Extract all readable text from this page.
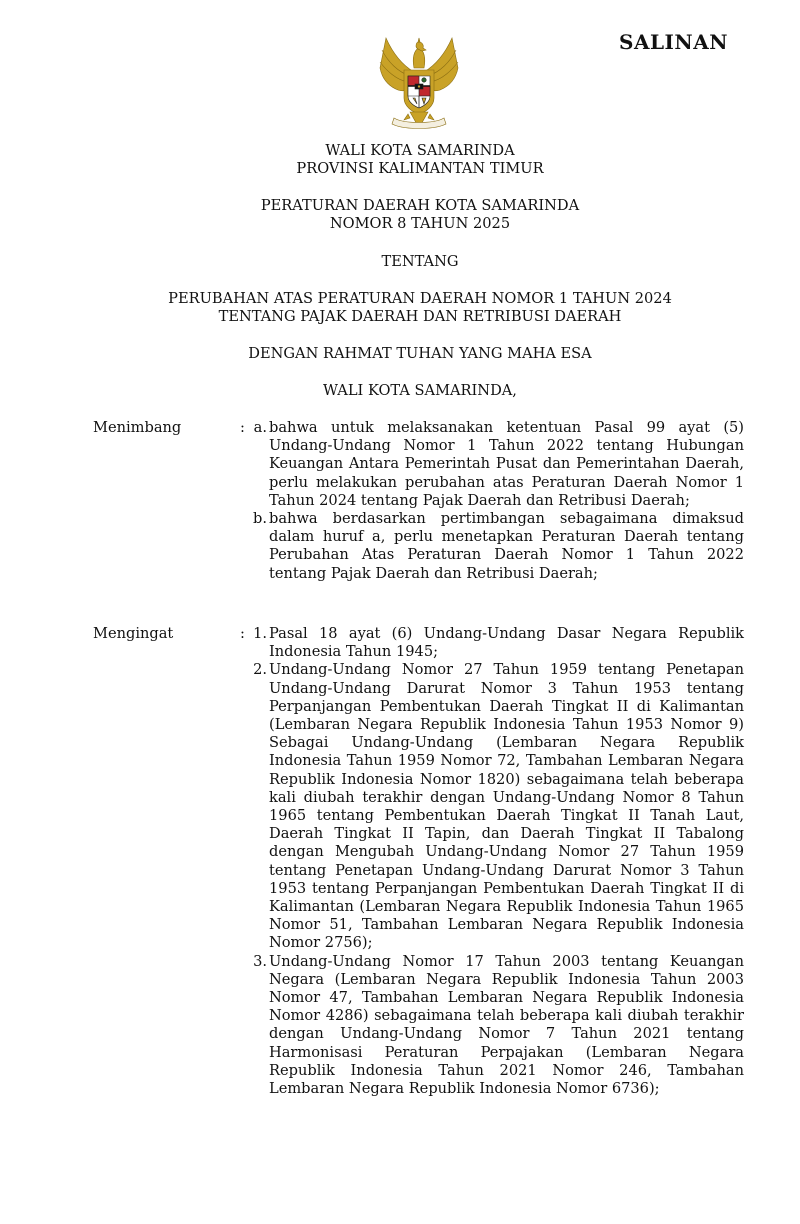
SALINAN

WALI KOTA SAMARINDA
PROVINSI KALIMANTAN TIMUR

PERATURAN DAERAH KOTA SAMARINDA
NOMOR 8 TAHUN 2025

TENTANG

PERUBAHAN ATAS PERATURAN DAERAH NOMOR 1 TAHUN 2024
TENTANG PAJAK DAERAH DAN RETRIBUSI DAERAH

DENGAN RAHMAT TUHAN YANG MAHA ESA

WALI KOTA SAMARINDA,

Menimbang	: a. bahwa untuk melaksanakan ketentuan Pasal 99 ayat (5) Undang-Undang Nomor 1 Tahun 2022 tentang Hubungan Keuangan Antara Pemerintah Pusat dan Pemerintahan Daerah, perlu melakukan perubahan atas Peraturan Daerah Nomor 1 Tahun 2024 tentang Pajak Daerah dan Retribusi Daerah;
b. bahwa berdasarkan pertimbangan sebagaimana dimaksud dalam huruf a, perlu menetapkan Peraturan Daerah tentang Perubahan Atas Peraturan Daerah Nomor 1 Tahun 2022 tentang Pajak Daerah dan Retribusi Daerah;
Mengingat	: 1. Pasal 18 ayat (6) Undang-Undang Dasar Negara Republik Indonesia Tahun 1945;
2. Undang-Undang Nomor 27 Tahun 1959 tentang Penetapan Undang-Undang Darurat Nomor 3 Tahun 1953 tentang Perpanjangan Pembentukan Daerah Tingkat II di Kalimantan (Lembaran Negara Republik Indonesia Tahun 1953 Nomor 9) Sebagai Undang-Undang (Lembaran Negara Republik Indonesia Tahun 1959 Nomor 72, Tambahan Lembaran Negara Republik Indonesia Nomor 1820) sebagaimana telah beberapa kali diubah terakhir dengan Undang-Undang Nomor 8 Tahun 1965 tentang Pembentukan Daerah Tingkat II Tanah Laut, Daerah Tingkat II Tapin, dan Daerah Tingkat II Tabalong dengan Mengubah Undang-Undang Nomor 27 Tahun 1959 tentang Penetapan Undang-Undang Darurat Nomor 3 Tahun 1953 tentang Perpanjangan Pembentukan Daerah Tingkat II di Kalimantan (Lembaran Negara Republik Indonesia Tahun 1965 Nomor 51, Tambahan Lembaran Negara Republik Indonesia Nomor 2756);
3. Undang-Undang Nomor 17 Tahun 2003 tentang Keuangan Negara (Lembaran Negara Republik Indonesia Tahun 2003 Nomor 47, Tambahan Lembaran Negara Republik Indonesia Nomor 4286) sebagaimana telah beberapa kali diubah terakhir dengan Undang-Undang Nomor 7 Tahun 2021 tentang Harmonisasi Peraturan Perpajakan (Lembaran Negara Republik Indonesia Tahun 2021 Nomor 246, Tambahan Lembaran Negara Republik Indonesia Nomor 6736);
